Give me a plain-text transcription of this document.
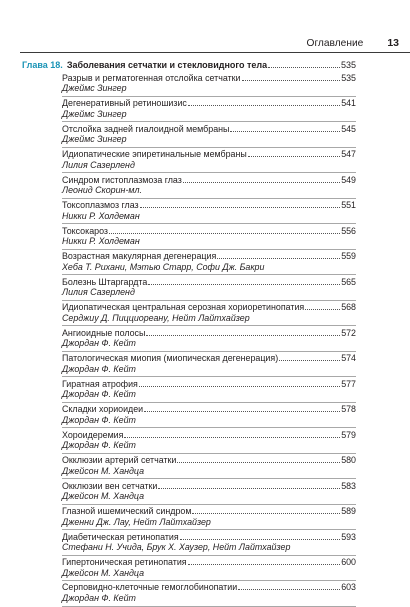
Оглавление 13
Глава 18. Заболевания сетчатки и стекловидного тела	535
Разрыв и регматогенная отслойка сетчатки	535
Джеймс Зингер
Дегенеративный ретиношизис	541
Джеймс Зингер
Отслойка задней гиалоидной мембраны	545
Джеймс Зингер
Идиопатические эпиретинальные мембраны	547
Лилия Сазерленд
Синдром гистоплазмоза глаз	549
Леонид Скорин-мл.
Токсоплазмоз глаз	551
Никки Р. Холдеман
Токсокароз	556
Никки Р. Холдеман
Возрастная макулярная дегенерация	559
Хеба Т. Рихани, Мэтью Старр, Софи Дж. Бакри
Болезнь Штаргардта	565
Лилия Сазерленд
Идиопатическая центральная серозная хориоретинопатия	568
Серджиу Д. Пицциореану, Нейт Лайтхайзер
Ангиоидные полосы	572
Джордан Ф. Кейт
Патологическая миопия (миопическая дегенерация)	574
Джордан Ф. Кейт
Гиратная атрофия	577
Джордан Ф. Кейт
Складки хориоидеи	578
Джордан Ф. Кейт
Хороидеремия	579
Джордан Ф. Кейт
Окклюзии артерий сетчатки	580
Джейсон М. Хандца
Окклюзии вен сетчатки	583
Джейсон М. Хандца
Глазной ишемический синдром	589
Дженни Дж. Лау, Нейт Лайтхайзер
Диабетическая ретинопатия	593
Стефани Н. Учида, Брук Х. Хаузер, Нейт Лайтхайзер
Гипертоническая ретинопатия	600
Джейсон М. Хандца
Серповидно-клеточные гемоглобинопатии	603
Джордан Ф. Кейт
